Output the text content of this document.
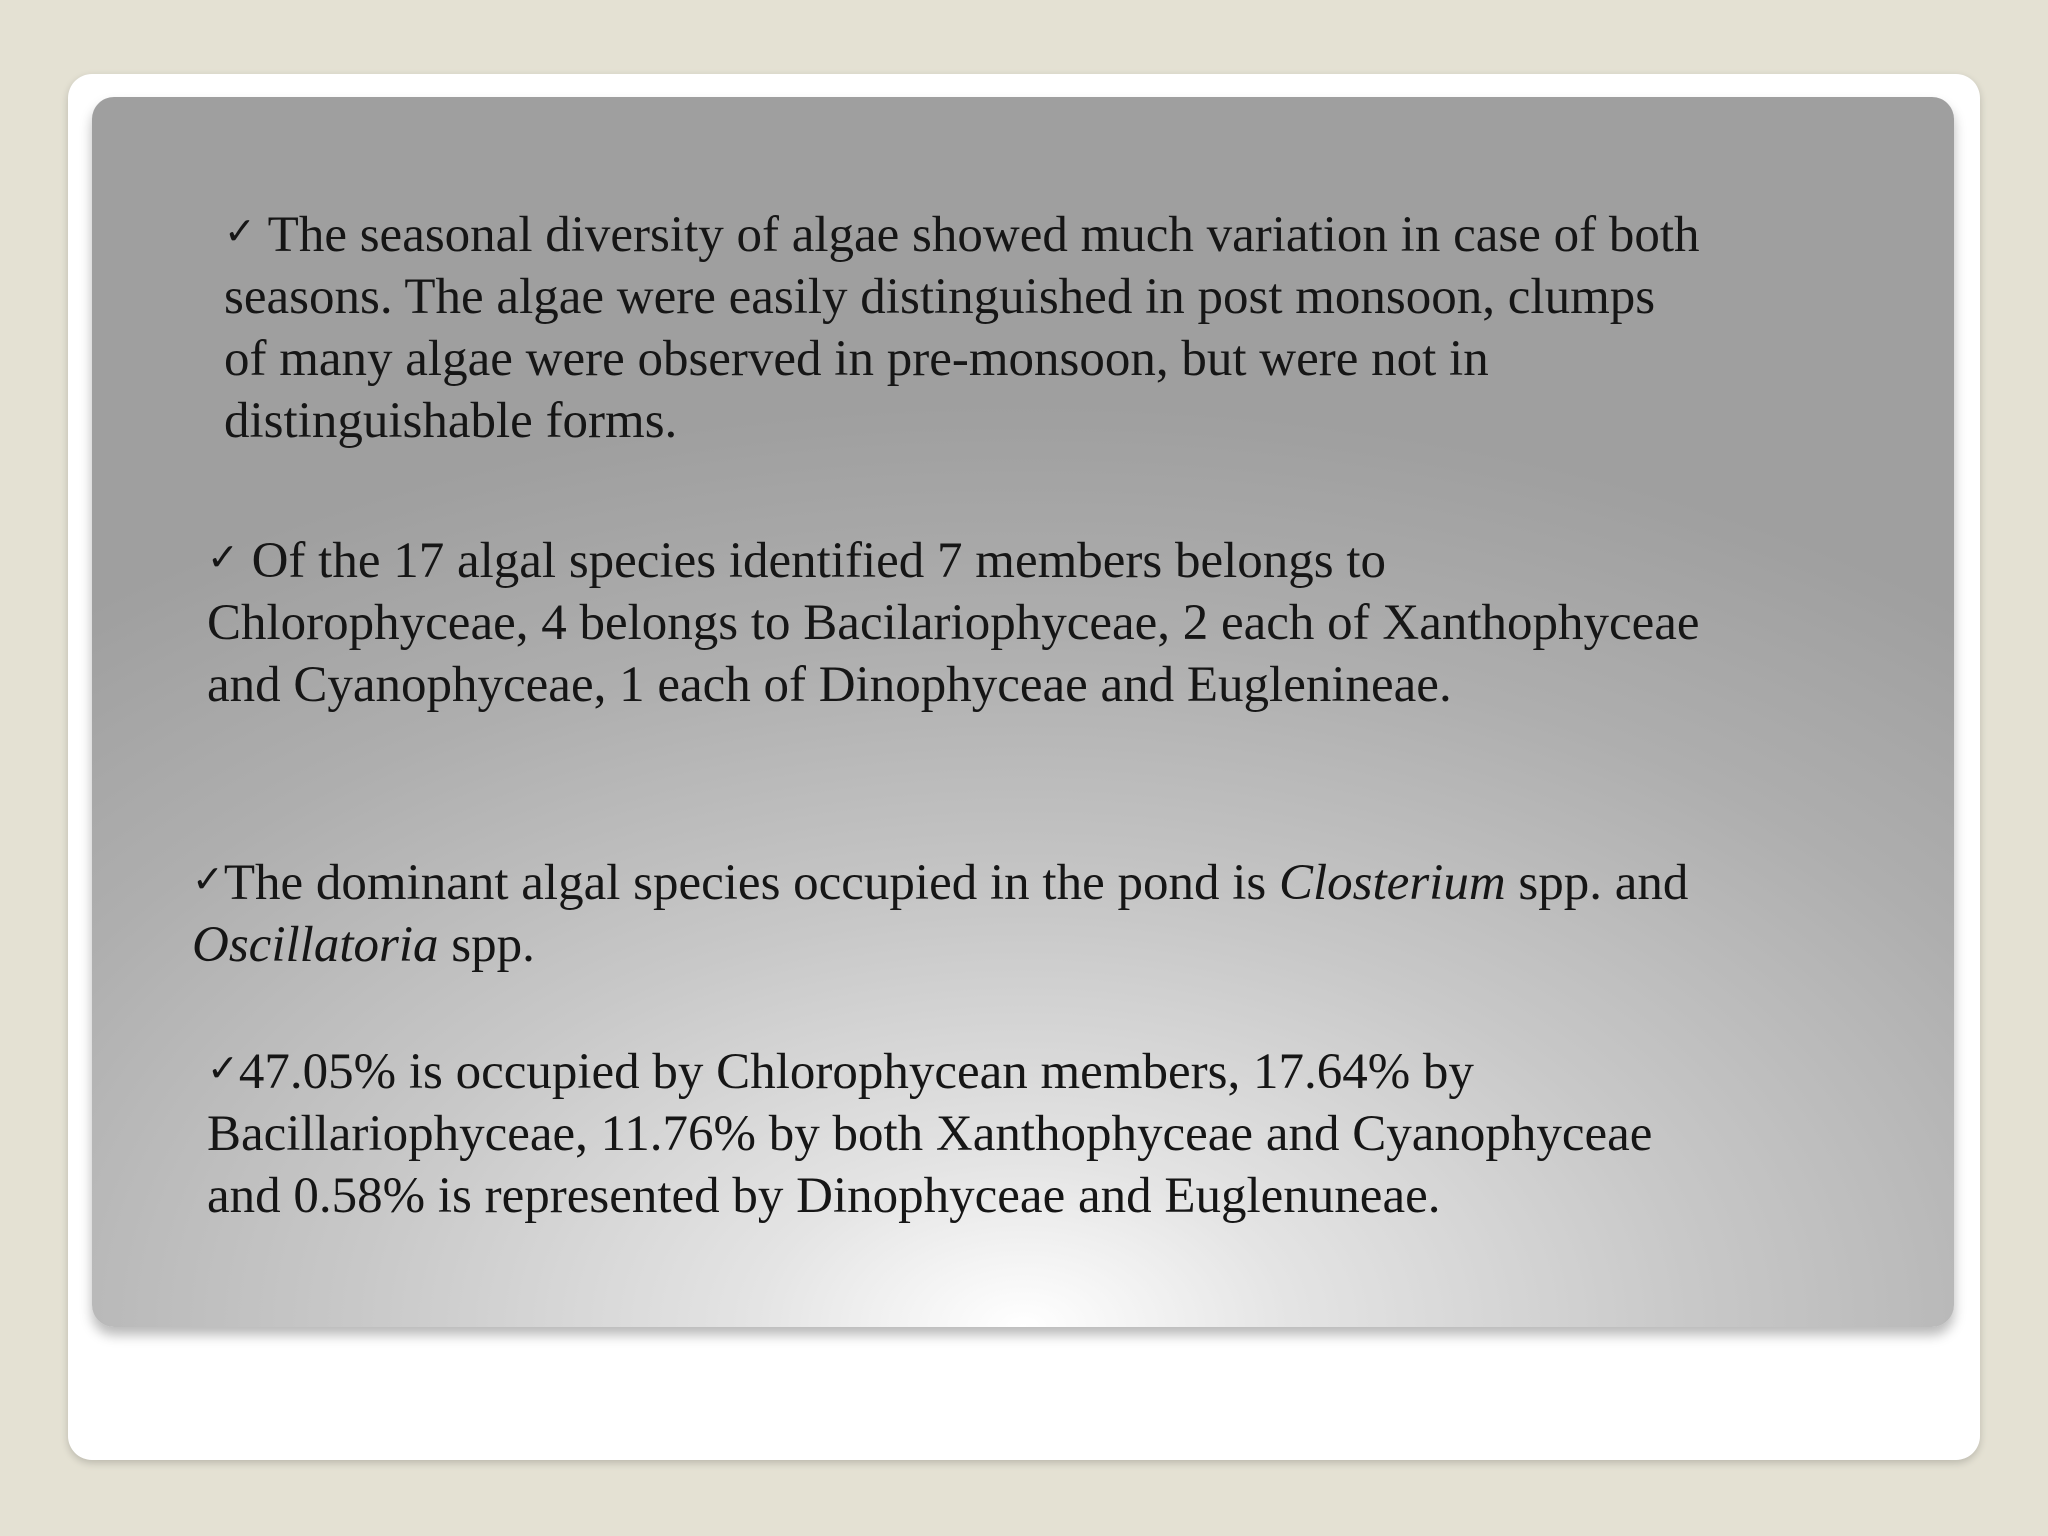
✓ The seasonal diversity of algae showed much variation in case of both
seasons. The algae were easily distinguished in post monsoon, clumps
of many algae were observed in pre-monsoon, but were not in
distinguishable forms.

✓ Of the 17 algal species identified 7 members belongs to
Chlorophyceae, 4 belongs to Bacilariophyceae, 2 each of Xanthophyceae
and Cyanophyceae, 1 each of Dinophyceae and Euglenineae.

✓The dominant algal species occupied in the pond is Closterium spp. and
Oscillatoria spp.

✓47.05% is occupied by Chlorophycean members, 17.64% by
Bacillariophyceae, 11.76% by both Xanthophyceae and Cyanophyceae
and 0.58% is represented by Dinophyceae and Euglenuneae.
